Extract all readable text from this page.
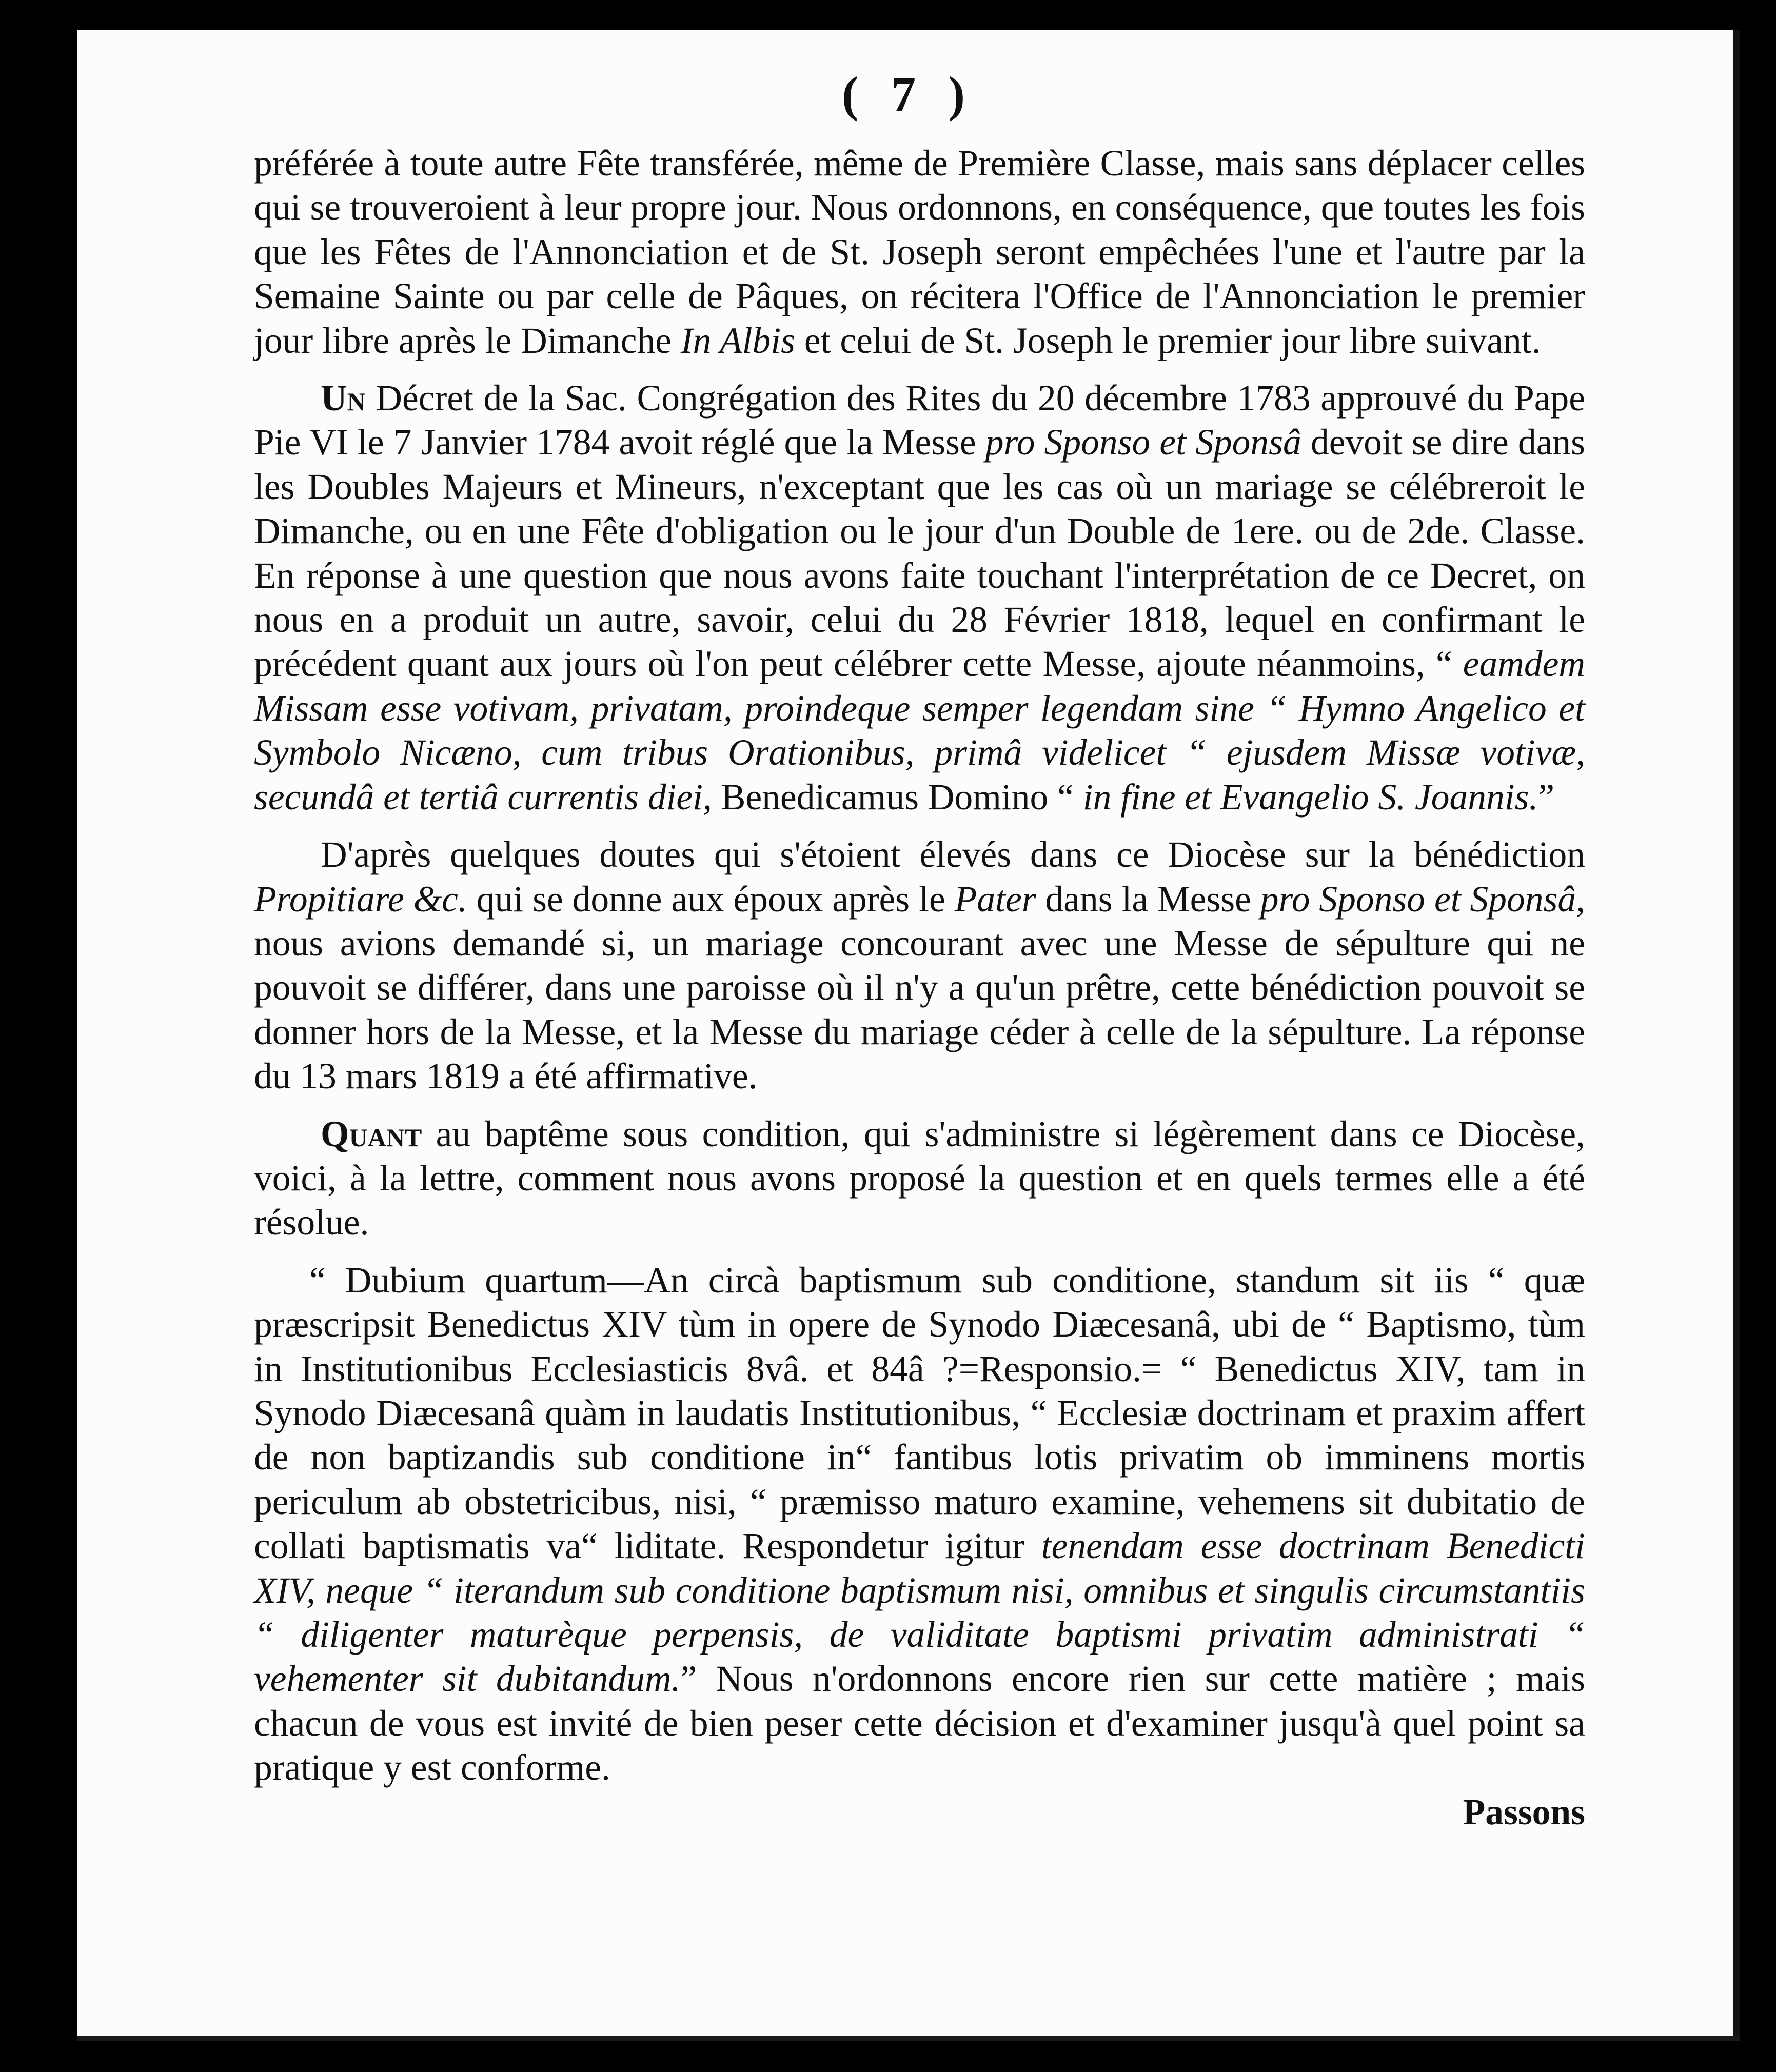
( 7 )

préférée à toute autre Fête transférée, même de Première Classe, mais sans déplacer celles qui se trouveroient à leur propre jour. Nous ordonnons, en conséquence, que toutes les fois que les Fêtes de l'Annonciation et de St. Joseph seront empêchées l'une et l'autre par la Semaine Sainte ou par celle de Pâques, on récitera l'Office de l'Annonciation le premier jour libre après le Dimanche In Albis et celui de St. Joseph le premier jour libre suivant.

Un Décret de la Sac. Congrégation des Rites du 20 décembre 1783 approuvé du Pape Pie VI le 7 Janvier 1784 avoit réglé que la Messe pro Sponso et Sponsâ devoit se dire dans les Doubles Majeurs et Mineurs, n'exceptant que les cas où un mariage se célébreroit le Dimanche, ou en une Fête d'obligation ou le jour d'un Double de 1ere. ou de 2de. Classe. En réponse à une question que nous avons faite touchant l'interprétation de ce Decret, on nous en a produit un autre, savoir, celui du 28 Février 1818, lequel en confirmant le précédent quant aux jours où l'on peut célébrer cette Messe, ajoute néanmoins, “ eamdem Missam esse votivam, privatam, proindeque semper legendam sine “ Hymno Angelico et Symbolo Nicæno, cum tribus Orationibus, primâ videlicet “ ejusdem Missæ votivæ, secundâ et tertiâ currentis diei, Benedicamus Domino “ in fine et Evangelio S. Joannis.”

D'après quelques doutes qui s'étoient élevés dans ce Diocèse sur la bénédiction Propitiare &c. qui se donne aux époux après le Pater dans la Messe pro Sponso et Sponsâ, nous avions demandé si, un mariage concourant avec une Messe de sépulture qui ne pouvoit se différer, dans une paroisse où il n'y a qu'un prêtre, cette bénédiction pouvoit se donner hors de la Messe, et la Messe du mariage céder à celle de la sépulture. La réponse du 13 mars 1819 a été affirmative.

Quant au baptême sous condition, qui s'administre si légèrement dans ce Diocèse, voici, à la lettre, comment nous avons proposé la question et en quels termes elle a été résolue.

“ Dubium quartum—An circà baptismum sub conditione, standum sit iis “ quæ præscripsit Benedictus XIV tùm in opere de Synodo Diæcesanâ, ubi de “ Baptismo, tùm in Institutionibus Ecclesiasticis 8vâ. et 84â ?=Responsio.= “ Benedictus XIV, tam in Synodo Diæcesanâ quàm in laudatis Institutionibus, “ Ecclesiæ doctrinam et praxim affert de non baptizandis sub conditione in“ fantibus lotis privatim ob imminens mortis periculum ab obstetricibus, nisi, “ præmisso maturo examine, vehemens sit dubitatio de collati baptismatis va“ liditate. Respondetur igitur tenendam esse doctrinam Benedicti XIV, neque “ iterandum sub conditione baptismum nisi, omnibus et singulis circumstantiis “ diligenter maturèque perpensis, de validitate baptismi privatim administrati “ vehementer sit dubitandum.” Nous n'ordonnons encore rien sur cette matière ; mais chacun de vous est invité de bien peser cette décision et d'examiner jusqu'à quel point sa pratique y est conforme.

Passons
